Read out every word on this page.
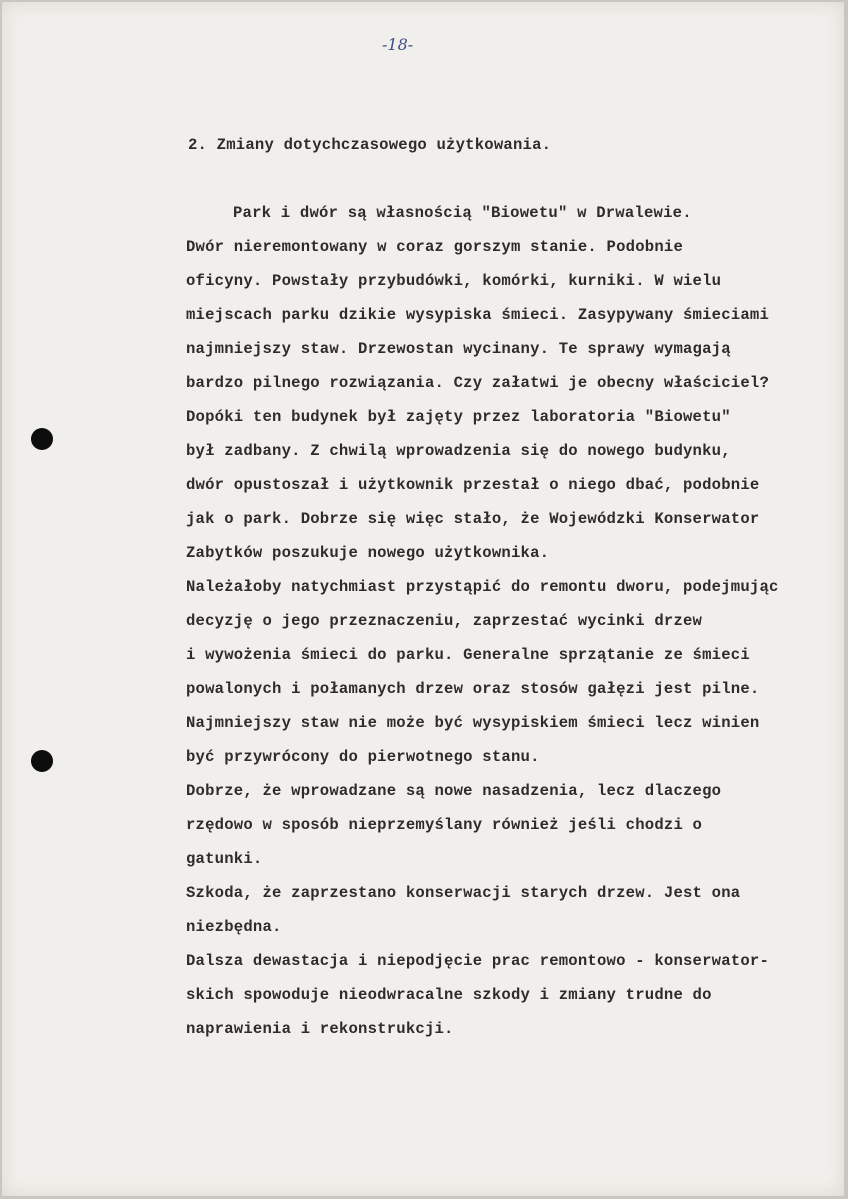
-18-
2. Zmiany dotychczasowego użytkowania.
Park i dwór są własnością "Biowetu" w Drwalewie.
Dwór nieremontowany w coraz gorszym stanie. Podobnie
oficyny. Powstały przybudówki, komórki, kurniki. W wielu
miejscach parku dzikie wysypiska śmieci. Zasypywany śmieciami
najmniejszy staw. Drzewostan wycinany. Te sprawy wymagają
bardzo pilnego rozwiązania. Czy załatwi je obecny właściciel?
Dopóki ten budynek był zajęty przez laboratoria "Biowetu"
był zadbany. Z chwilą wprowadzenia się do nowego budynku,
dwór opustoszał i użytkownik przestał o niego dbać, podobnie
jak o park. Dobrze się więc stało, że Wojewódzki Konserwator
Zabytków poszukuje nowego użytkownika.
Należałoby natychmiast przystąpić do remontu dworu, podejmując
decyzję o jego przeznaczeniu, zaprzestać wycinki drzew
i wywożenia śmieci do parku. Generalne sprzątanie ze śmieci
powalonych i połamanych drzew oraz stosów gałęzi jest pilne.
Najmniejszy staw nie może być wysypiskiem śmieci lecz winien
być przywrócony do pierwotnego stanu.
Dobrze, że wprowadzane są nowe nasadzenia, lecz dlaczego
rzędowo w sposób nieprzemyślany również jeśli chodzi o
gatunki.
Szkoda, że zaprzestano konserwacji starych drzew. Jest ona
niezbędna.
Dalsza dewastacja i niepodjęcie prac remontowo - konserwator-
skich spowoduje nieodwracalne szkody i zmiany trudne do
naprawienia i rekonstrukcji.
